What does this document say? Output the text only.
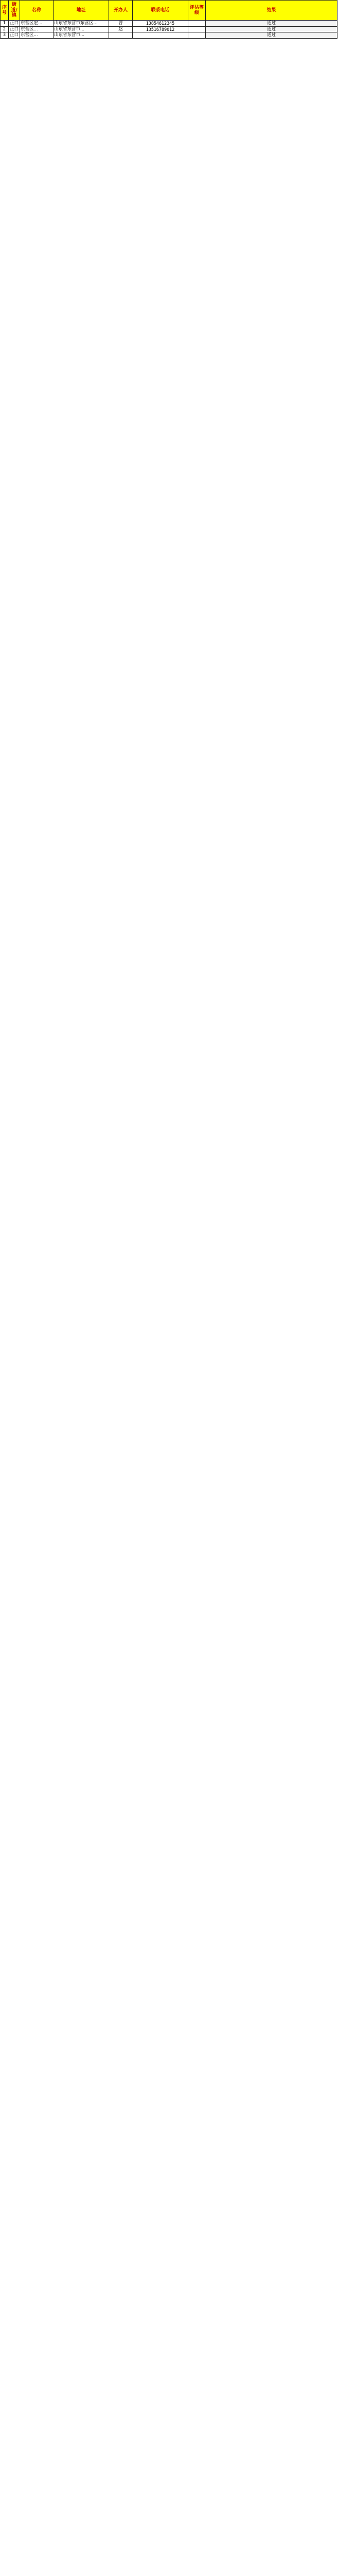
序号	街道/镇	名称	地址	开办人	联系电话	评估等级	结果
1	正口	东营区宏...	山东省东营市东营区...	曹	13854612345		通过
2	正口	东营区...	山东省东营市...	赵	13516789012		通过
3	正口	东营区...	山东省东营市...				通过
